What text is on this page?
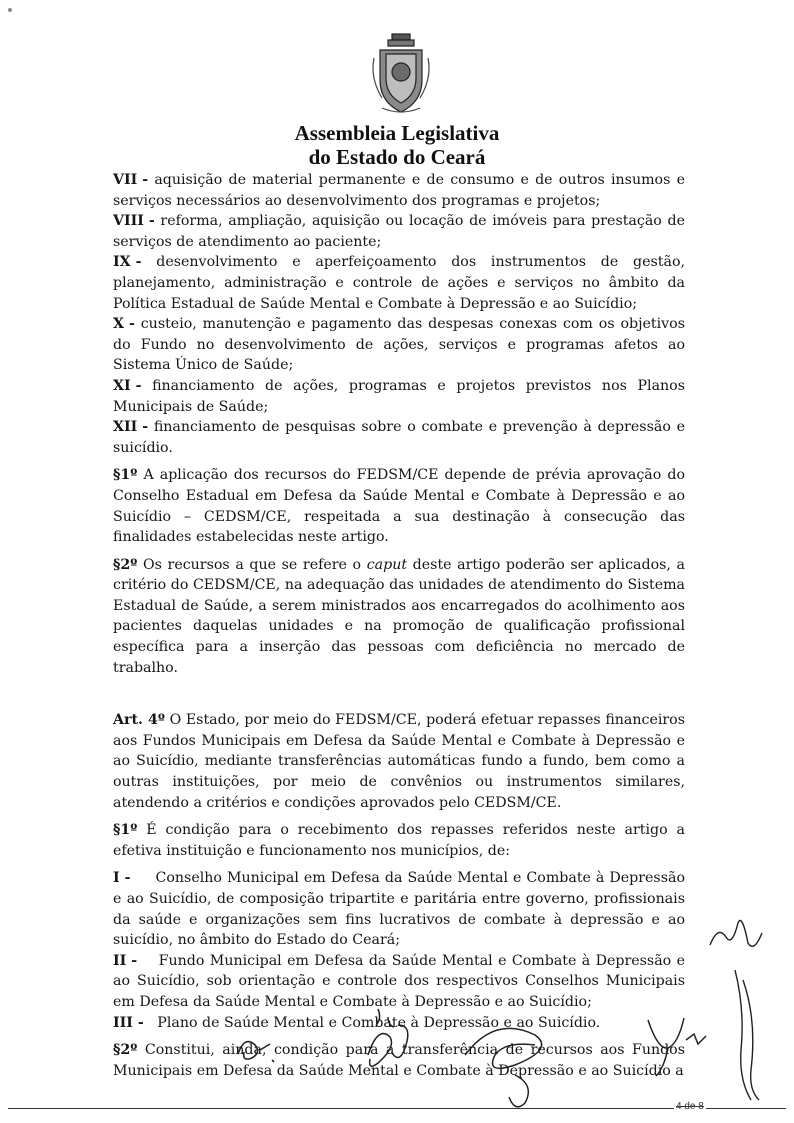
Assembleia Legislativa
do Estado do Ceará

VII - aquisição de material permanente e de consumo e de outros insumos e serviços necessários ao desenvolvimento dos programas e projetos;

VIII - reforma, ampliação, aquisição ou locação de imóveis para prestação de serviços de atendimento ao paciente;

IX - desenvolvimento e aperfeiçoamento dos instrumentos de gestão, planejamento, administração e controle de ações e serviços no âmbito da Política Estadual de Saúde Mental e Combate à Depressão e ao Suicídio;

X - custeio, manutenção e pagamento das despesas conexas com os objetivos do Fundo no desenvolvimento de ações, serviços e programas afetos ao Sistema Único de Saúde;

XI - financiamento de ações, programas e projetos previstos nos Planos Municipais de Saúde;

XII - financiamento de pesquisas sobre o combate e prevenção à depressão e suicídio.

§1º A aplicação dos recursos do FEDSM/CE depende de prévia aprovação do Conselho Estadual em Defesa da Saúde Mental e Combate à Depressão e ao Suicídio – CEDSM/CE, respeitada a sua destinação à consecução das finalidades estabelecidas neste artigo.

§2º Os recursos a que se refere o caput deste artigo poderão ser aplicados, a critério do CEDSM/CE, na adequação das unidades de atendimento do Sistema Estadual de Saúde, a serem ministrados aos encarregados do acolhimento aos pacientes daquelas unidades e na promoção de qualificação profissional específica para a inserção das pessoas com deficiência no mercado de trabalho.

Art. 4º O Estado, por meio do FEDSM/CE, poderá efetuar repasses financeiros aos Fundos Municipais em Defesa da Saúde Mental e Combate à Depressão e ao Suicídio, mediante transferências automáticas fundo a fundo, bem como a outras instituições, por meio de convênios ou instrumentos similares, atendendo a critérios e condições aprovados pelo CEDSM/CE.

§1º É condição para o recebimento dos repasses referidos neste artigo a efetiva instituição e funcionamento nos municípios, de:

I -     Conselho Municipal em Defesa da Saúde Mental e Combate à Depressão e ao Suicídio, de composição tripartite e paritária entre governo, profissionais da saúde e organizações sem fins lucrativos de combate à depressão e ao suicídio, no âmbito do Estado do Ceará;

II -    Fundo Municipal em Defesa da Saúde Mental e Combate à Depressão e ao Suicídio, sob orientação e controle dos respectivos Conselhos Municipais em Defesa da Saúde Mental e Combate à Depressão e ao Suicídio;

III -   Plano de Saúde Mental e Combate à Depressão e ao Suicídio.

§2º Constitui, ainda, condição para a transferência de recursos aos Fundos Municipais em Defesa da Saúde Mental e Combate à Depressão e ao Suicídio a

4 de 8
